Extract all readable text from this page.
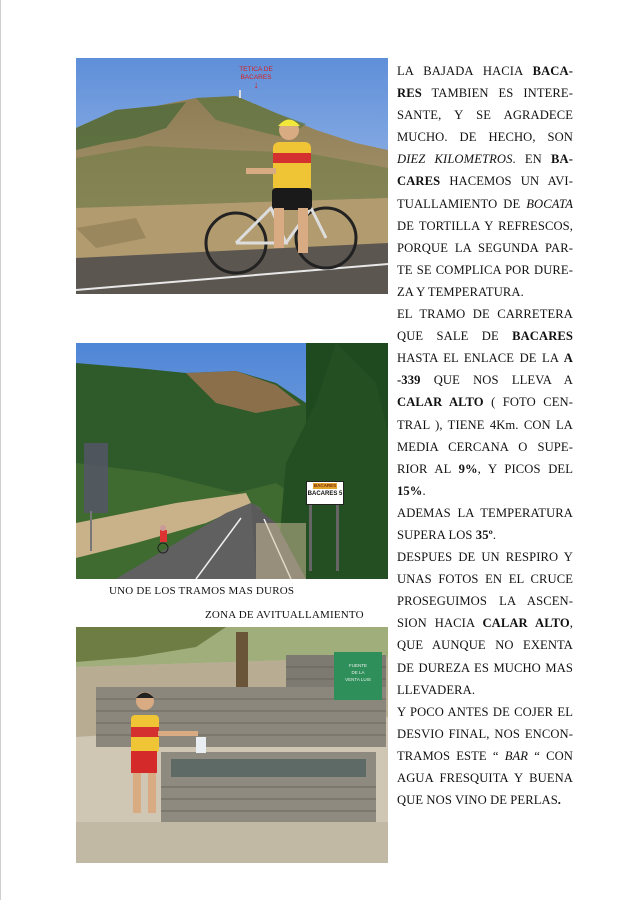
TETICA DE BACARES
↓
BACARES
BACARES 5
UNO DE LOS TRAMOS MAS DUROS
ZONA DE AVITUALLAMIENTO
FUENTE
DE LA
VENTA LUIS

LA BAJADA HACIA BACA-RES TAMBIEN ES INTERE-SANTE, Y SE AGRADECE MUCHO. DE HECHO, SON DIEZ KILOMETROS. EN BA-CARES HACEMOS UN AVI-TUALLAMIENTO DE BOCATA DE TORTILLA Y REFRESCOS, PORQUE LA SEGUNDA PAR-TE SE COMPLICA POR DURE-ZA Y TEMPERATURA.

EL TRAMO DE CARRETERA QUE SALE DE BACARES HASTA EL ENLACE DE LA A -339 QUE NOS LLEVA A CALAR ALTO ( FOTO CEN-TRAL ), TIENE 4Km. CON LA MEDIA CERCANA O SUPE-RIOR AL 9%, Y PICOS DEL 15%.

ADEMAS LA TEMPERATURA SUPERA LOS 35º.

DESPUES DE UN RESPIRO Y UNAS FOTOS EN EL CRUCE PROSEGUIMOS LA ASCEN-SION HACIA CALAR ALTO, QUE AUNQUE NO EXENTA DE DUREZA ES MUCHO MAS LLEVADERA.

Y POCO ANTES DE COJER EL DESVIO FINAL, NOS ENCON-TRAMOS ESTE “ BAR “ CON AGUA FRESQUITA Y BUENA QUE NOS VINO DE PERLAS.
